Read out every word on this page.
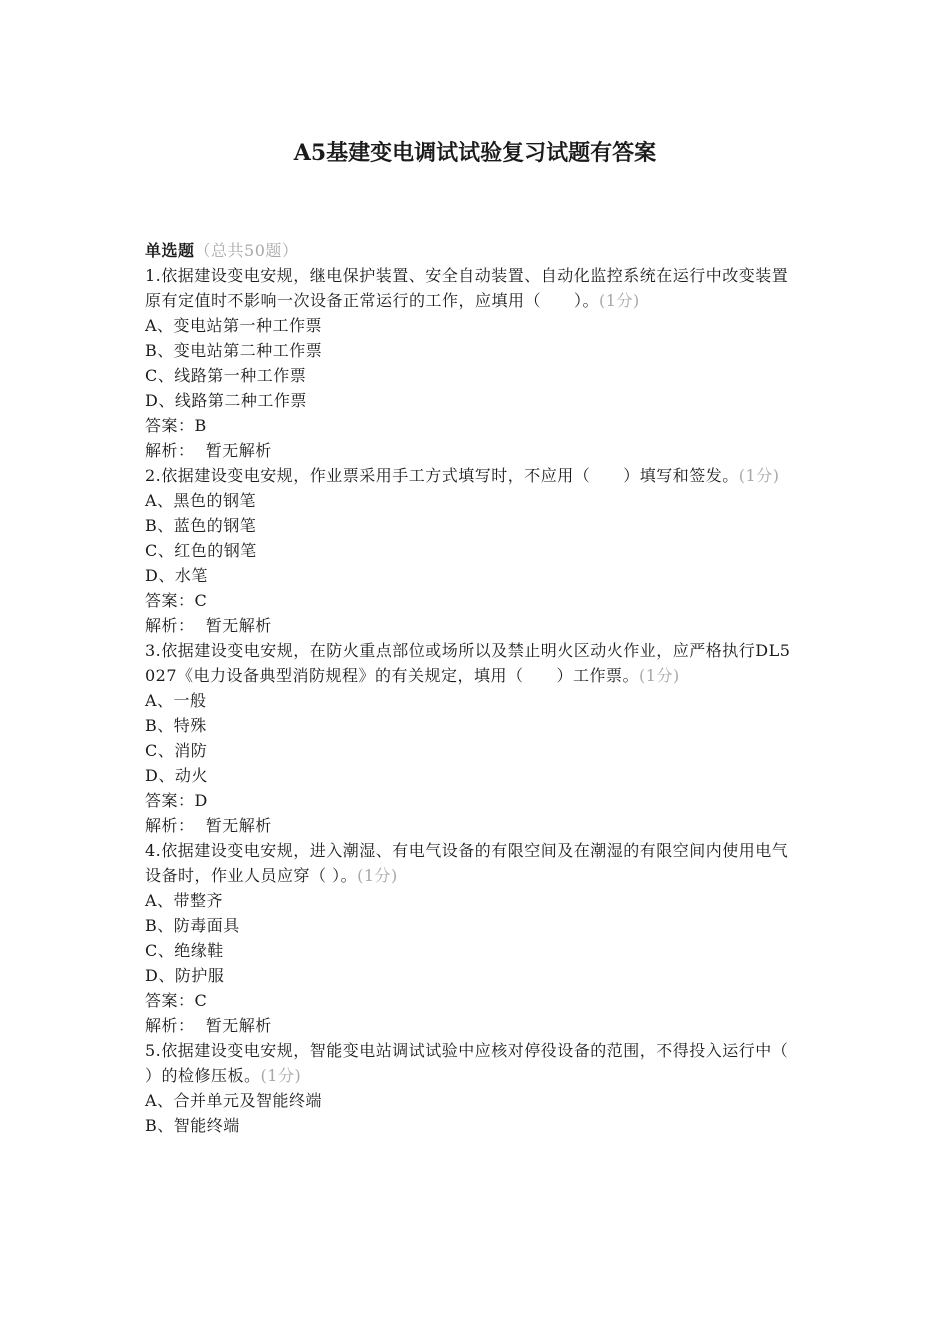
A5基建变电调试试验复习试题有答案

单选题（总共50题）

1.依据建设变电安规，继电保护装置、安全自动装置、自动化监控系统在运行中改变装置原有定值时不影响一次设备正常运行的工作，应填用（　　）。(1分)

A、变电站第一种工作票

B、变电站第二种工作票

C、线路第一种工作票

D、线路第二种工作票

答案：B

解析： 暂无解析

2.依据建设变电安规，作业票采用手工方式填写时，不应用（　　）填写和签发。(1分)

A、黑色的钢笔

B、蓝色的钢笔

C、红色的钢笔

D、水笔

答案：C

解析： 暂无解析

3.依据建设变电安规，在防火重点部位或场所以及禁止明火区动火作业，应严格执行DL5027《电力设备典型消防规程》的有关规定，填用（　　）工作票。(1分)

A、一般

B、特殊

C、消防

D、动火

答案：D

解析： 暂无解析

4.依据建设变电安规，进入潮湿、有电气设备的有限空间及在潮湿的有限空间内使用电气设备时，作业人员应穿（ ）。(1分)

A、带整齐

B、防毒面具

C、绝缘鞋

D、防护服

答案：C

解析： 暂无解析

5.依据建设变电安规，智能变电站调试试验中应核对停役设备的范围，不得投入运行中（　　）的检修压板。(1分)

A、合并单元及智能终端

B、智能终端
